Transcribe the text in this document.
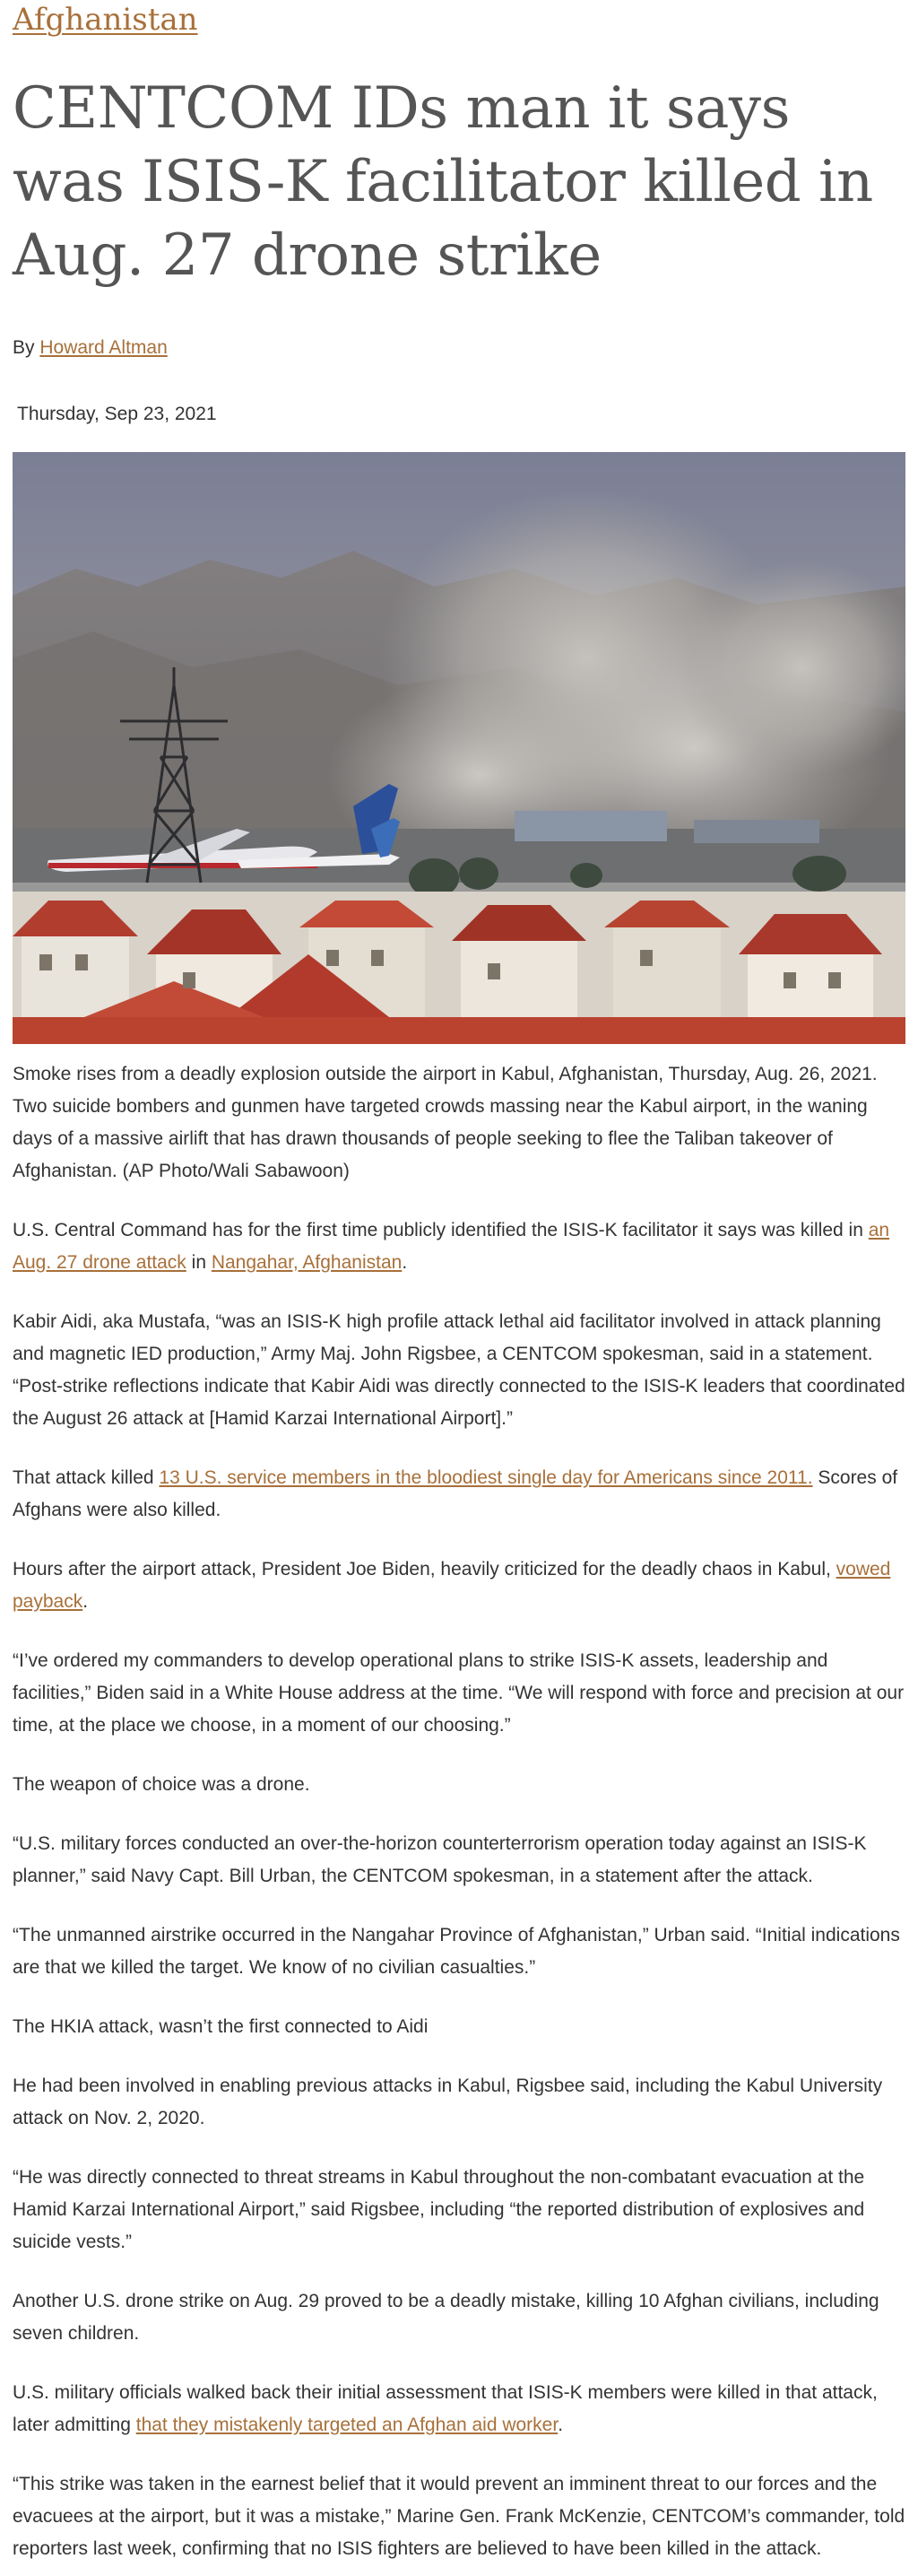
Afghanistan
CENTCOM IDs man it says was ISIS-K facilitator killed in Aug. 27 drone strike
By Howard Altman
Thursday, Sep 23, 2021
Smoke rises from a deadly explosion outside the airport in Kabul, Afghanistan, Thursday, Aug. 26, 2021. Two suicide bombers and gunmen have targeted crowds massing near the Kabul airport, in the waning days of a massive airlift that has drawn thousands of people seeking to flee the Taliban takeover of Afghanistan. (AP Photo/Wali Sabawoon)

U.S. Central Command has for the first time publicly identified the ISIS-K facilitator it says was killed in an Aug. 27 drone attack in Nangahar, Afghanistan.

Kabir Aidi, aka Mustafa, “was an ISIS-K high profile attack lethal aid facilitator involved in attack planning and magnetic IED production,” Army Maj. John Rigsbee, a CENTCOM spokesman, said in a statement. “Post-strike reflections indicate that Kabir Aidi was directly connected to the ISIS-K leaders that coordinated the August 26 attack at [Hamid Karzai International Airport].”

That attack killed 13 U.S. service members in the bloodiest single day for Americans since 2011. Scores of Afghans were also killed.

Hours after the airport attack, President Joe Biden, heavily criticized for the deadly chaos in Kabul, vowed payback.

“I’ve ordered my commanders to develop operational plans to strike ISIS-K assets, leadership and facilities,” Biden said in a White House address at the time. “We will respond with force and precision at our time, at the place we choose, in a moment of our choosing.”

The weapon of choice was a drone.

“U.S. military forces conducted an over-the-horizon counterterrorism operation today against an ISIS-K planner,” said Navy Capt. Bill Urban, the CENTCOM spokesman, in a statement after the attack.

“The unmanned airstrike occurred in the Nangahar Province of Afghanistan,” Urban said. “Initial indications are that we killed the target. We know of no civilian casualties.”

The HKIA attack, wasn’t the first connected to Aidi

He had been involved in enabling previous attacks in Kabul, Rigsbee said, including the Kabul University attack on Nov. 2, 2020.

“He was directly connected to threat streams in Kabul throughout the non-combatant evacuation at the Hamid Karzai International Airport,” said Rigsbee, including “the reported distribution of explosives and suicide vests.”

Another U.S. drone strike on Aug. 29 proved to be a deadly mistake, killing 10 Afghan civilians, including seven children.

U.S. military officials walked back their initial assessment that ISIS-K members were killed in that attack, later admitting that they mistakenly targeted an Afghan aid worker.

“This strike was taken in the earnest belief that it would prevent an imminent threat to our forces and the evacuees at the airport, but it was a mistake,” Marine Gen. Frank McKenzie, CENTCOM’s commander, told reporters last week, confirming that no ISIS fighters are believed to have been killed in the attack.
